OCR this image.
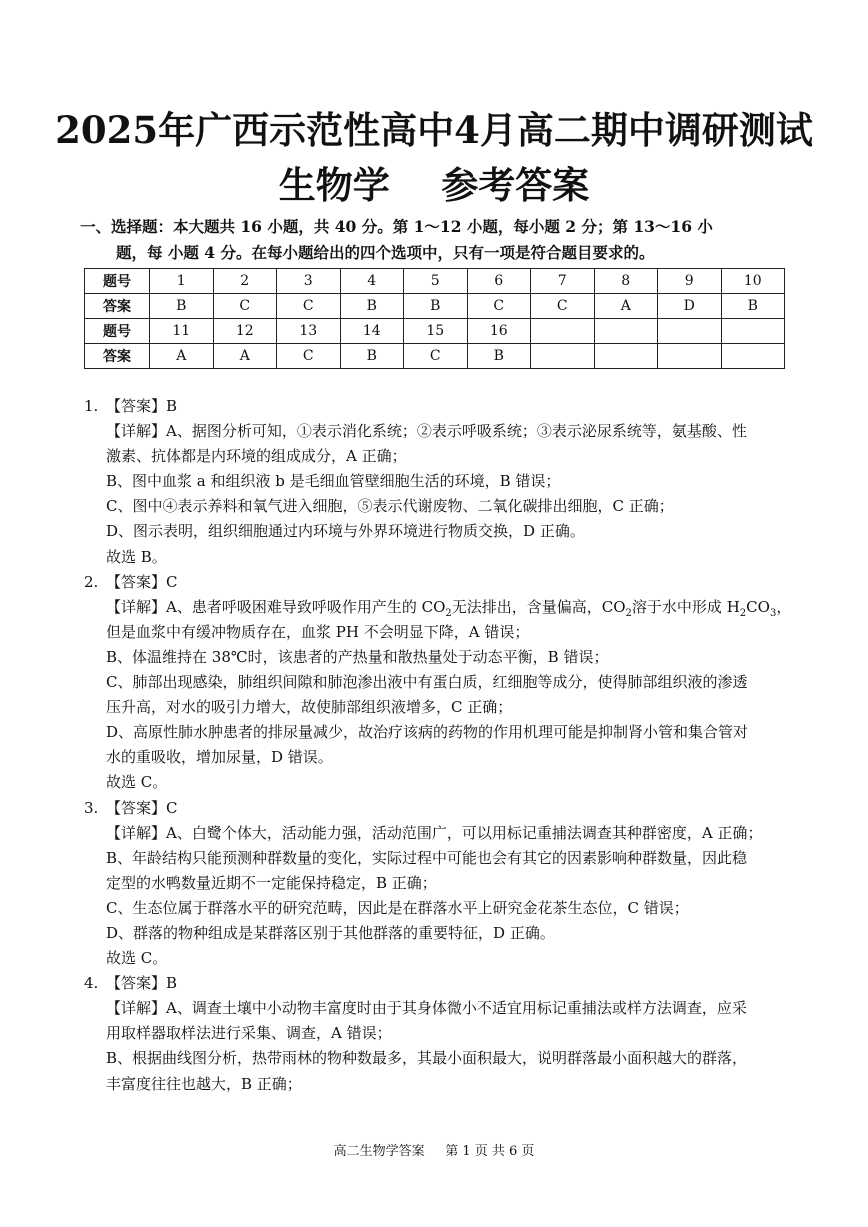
2025年广西示范性高中4月高二期中调研测试
生物学    参考答案
一、选择题：本大题共 16 小题，共 40 分。第 1～12 小题，每小题 2 分；第 13～16 小
题，每 小题 4 分。在每小题给出的四个选项中，只有一项是符合题目要求的。
题号	1	2	3	4	5	6	7	8	9	10
答案	B	C	C	B	B	C	C	A	D	B
题号	11	12	13	14	15	16				
答案	A	A	C	B	C	B				

1. 【答案】B

【详解】A、据图分析可知，①表示消化系统；②表示呼吸系统；③表示泌尿系统等，氨基酸、性

激素、抗体都是内环境的组成成分，A 正确；

B、图中血浆 a 和组织液 b 是毛细血管壁细胞生活的环境，B 错误；

C、图中④表示养料和氧气进入细胞，⑤表示代谢废物、二氧化碳排出细胞，C 正确；

D、图示表明，组织细胞通过内环境与外界环境进行物质交换，D 正确。

故选 B。

2. 【答案】C

【详解】A、患者呼吸困难导致呼吸作用产生的 $CO_2$无法排出，含量偏高，$CO_2$溶于水中形成 $H_2CO_3$，

但是血浆中有缓冲物质存在，血浆 PH 不会明显下降，A 错误；

B、体温维持在 38℃时，该患者的产热量和散热量处于动态平衡，B 错误；

C、肺部出现感染，肺组织间隙和肺泡渗出液中有蛋白质，红细胞等成分，使得肺部组织液的渗透

压升高，对水的吸引力增大，故使肺部组织液增多，C 正确；

D、高原性肺水肿患者的排尿量减少，故治疗该病的药物的作用机理可能是抑制肾小管和集合管对

水的重吸收，增加尿量，D 错误。

故选 C。

3. 【答案】C

【详解】A、白鹭个体大，活动能力强，活动范围广，可以用标记重捕法调查其种群密度，A 正确；

B、年龄结构只能预测种群数量的变化，实际过程中可能也会有其它的因素影响种群数量，因此稳

定型的水鸭数量近期不一定能保持稳定，B 正确；

C、生态位属于群落水平的研究范畴，因此是在群落水平上研究金花茶生态位，C 错误；

D、群落的物种组成是某群落区别于其他群落的重要特征，D 正确。

故选 C。

4. 【答案】B

【详解】A、调查土壤中小动物丰富度时由于其身体微小不适宜用标记重捕法或样方法调查，应采

用取样器取样法进行采集、调查，A 错误；

B、根据曲线图分析，热带雨林的物种数最多，其最小面积最大，说明群落最小面积越大的群落，

丰富度往往也越大，B 正确；

高二生物学答案     第 1 页 共 6 页
